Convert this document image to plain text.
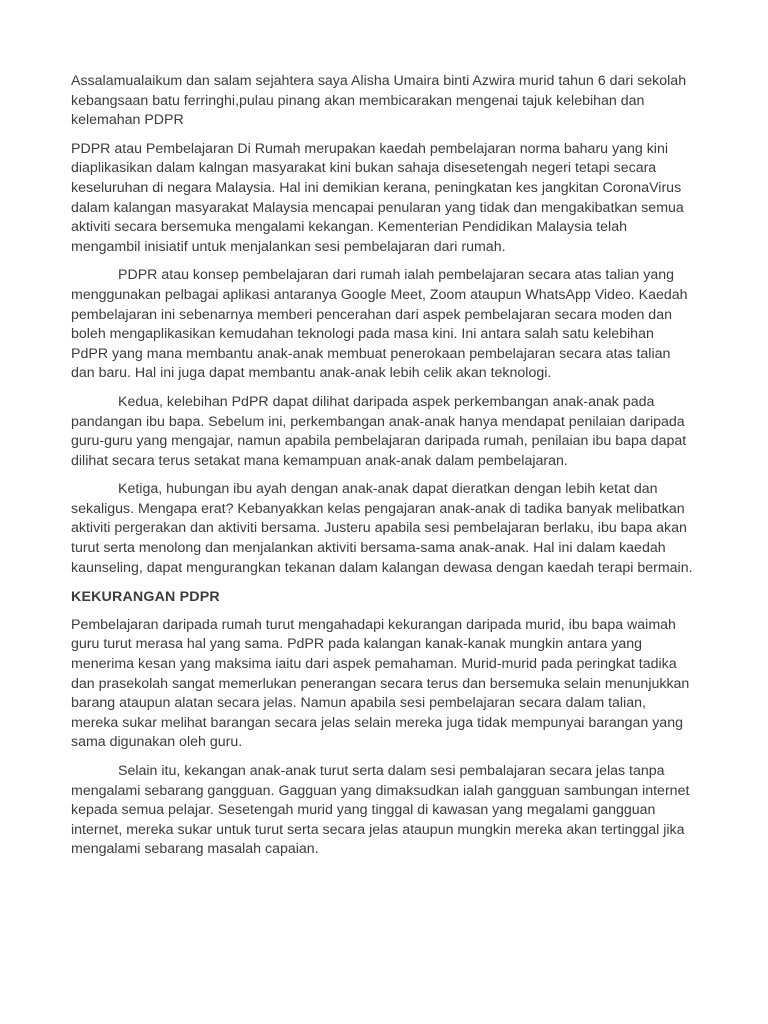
Assalamualaikum dan salam sejahtera saya Alisha Umaira binti Azwira murid tahun 6 dari sekolah kebangsaan batu ferringhi,pulau pinang akan membicarakan mengenai tajuk kelebihan dan kelemahan PDPR

PDPR atau Pembelajaran Di Rumah merupakan kaedah pembelajaran norma baharu yang kini diaplikasikan dalam kalngan masyarakat kini bukan sahaja disesetengah negeri tetapi secara keseluruhan di negara Malaysia. Hal ini demikian kerana, peningkatan kes jangkitan CoronaVirus dalam kalangan masyarakat Malaysia mencapai penularan yang tidak dan mengakibatkan semua aktiviti secara bersemuka mengalami kekangan. Kementerian Pendidikan Malaysia telah mengambil inisiatif untuk menjalankan sesi pembelajaran dari rumah.

PDPR atau konsep pembelajaran dari rumah ialah pembelajaran secara atas talian yang menggunakan pelbagai aplikasi antaranya Google Meet, Zoom ataupun WhatsApp Video. Kaedah pembelajaran ini sebenarnya memberi pencerahan dari aspek pembelajaran secara moden dan boleh mengaplikasikan kemudahan teknologi pada masa kini. Ini antara salah satu kelebihan PdPR yang mana membantu anak-anak membuat penerokaan pembelajaran secara atas talian dan baru. Hal ini juga dapat membantu anak-anak lebih celik akan teknologi.

Kedua, kelebihan PdPR dapat dilihat daripada aspek perkembangan anak-anak pada pandangan ibu bapa. Sebelum ini, perkembangan anak-anak hanya mendapat penilaian daripada guru-guru yang mengajar, namun apabila pembelajaran daripada rumah, penilaian ibu bapa dapat dilihat secara terus setakat mana kemampuan anak-anak dalam pembelajaran.

Ketiga, hubungan ibu ayah dengan anak-anak dapat dieratkan dengan lebih ketat dan sekaligus. Mengapa erat? Kebanyakkan kelas pengajaran anak-anak di tadika banyak melibatkan aktiviti pergerakan dan aktiviti bersama. Justeru apabila sesi pembelajaran berlaku, ibu bapa akan turut serta menolong dan menjalankan aktiviti bersama-sama anak-anak. Hal ini dalam kaedah kaunseling, dapat mengurangkan tekanan dalam kalangan dewasa dengan kaedah terapi bermain.

KEKURANGAN PDPR

Pembelajaran daripada rumah turut mengahadapi kekurangan daripada murid, ibu bapa waimah guru turut merasa hal yang sama. PdPR pada kalangan kanak-kanak mungkin antara yang menerima kesan yang maksima iaitu dari aspek pemahaman. Murid-murid pada peringkat tadika dan prasekolah sangat memerlukan penerangan secara terus dan bersemuka selain menunjukkan barang ataupun alatan secara jelas. Namun apabila sesi pembelajaran secara dalam talian, mereka sukar melihat barangan secara jelas selain mereka juga tidak mempunyai barangan yang sama digunakan oleh guru.

Selain itu, kekangan anak-anak turut serta dalam sesi pembalajaran secara jelas tanpa mengalami sebarang gangguan. Gagguan yang dimaksudkan ialah gangguan sambungan internet kepada semua pelajar. Sesetengah murid yang tinggal di kawasan yang megalami gangguan internet, mereka sukar untuk turut serta secara jelas ataupun mungkin mereka akan tertinggal jika mengalami sebarang masalah capaian.
